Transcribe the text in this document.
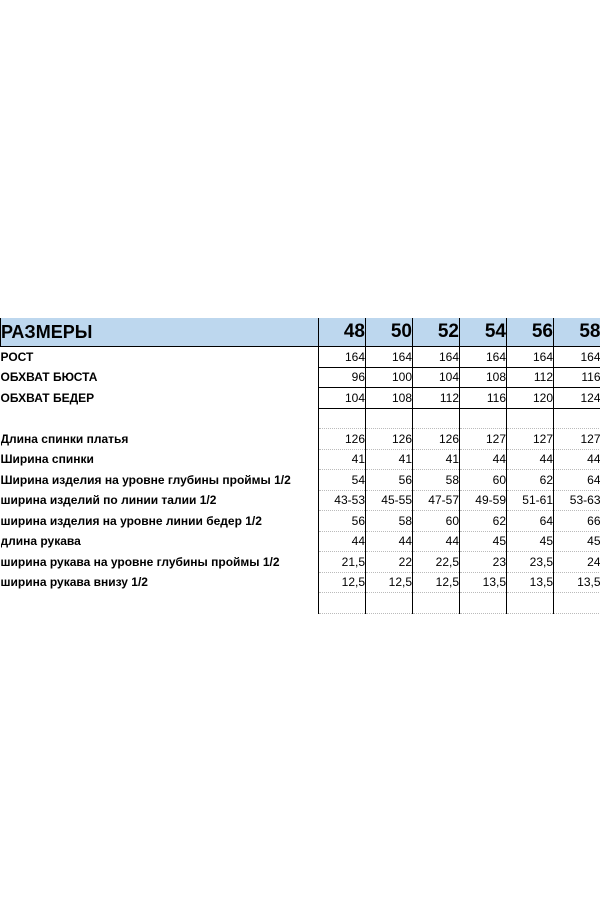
РАЗМЕРЫ	48	50	52	54	56	58
РОСТ	164	164	164	164	164	164
ОБХВАТ БЮСТА	96	100	104	108	112	116
ОБХВАТ БЕДЕР	104	108	112	116	120	124

Длина спинки платья	126	126	126	127	127	127
Ширина спинки	41	41	41	44	44	44
Ширина изделия на уровне глубины проймы 1/2	54	56	58	60	62	64
ширина изделий по линии талии 1/2	43-53	45-55	47-57	49-59	51-61	53-63
ширина изделия на уровне линии бедер 1/2	56	58	60	62	64	66
длина рукава	44	44	44	45	45	45
ширина рукава на уровне глубины проймы 1/2	21,5	22	22,5	23	23,5	24
ширина рукава внизу 1/2	12,5	12,5	12,5	13,5	13,5	13,5
